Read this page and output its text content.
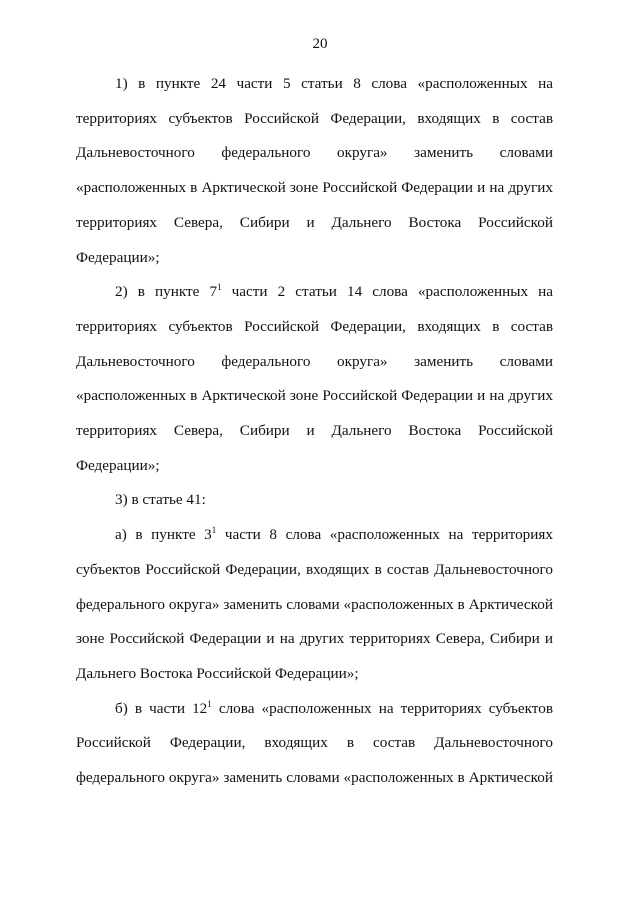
20

1) в пункте 24 части 5 статьи 8 слова «расположенных на территориях субъектов Российской Федерации, входящих в состав Дальневосточного федерального округа» заменить словами «расположенных в Арктической зоне Российской Федерации и на других территориях Севера, Сибири и Дальнего Востока Российской Федерации»;

2) в пункте $7^1$ части 2 статьи 14 слова «расположенных на территориях субъектов Российской Федерации, входящих в состав Дальневосточного федерального округа» заменить словами «расположенных в Арктической зоне Российской Федерации и на других территориях Севера, Сибири и Дальнего Востока Российской Федерации»;

3) в статье 41:

а) в пункте $3^1$ части 8 слова «расположенных на территориях субъектов Российской Федерации, входящих в состав Дальневосточного федерального округа» заменить словами «расположенных в Арктической зоне Российской Федерации и на других территориях Севера, Сибири и Дальнего Востока Российской Федерации»;

б) в части $12^1$ слова «расположенных на территориях субъектов Российской Федерации, входящих в состав Дальневосточного федерального округа» заменить словами «расположенных в Арктической
